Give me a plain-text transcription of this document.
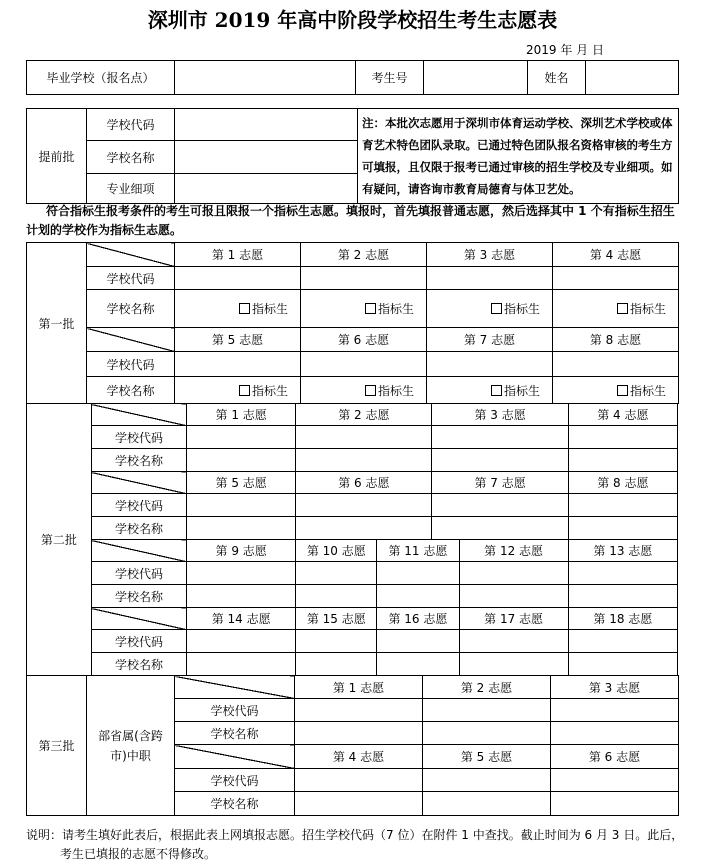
深圳市 2019 年高中阶段学校招生考生志愿表
2019 年 月 日
毕业学校（报名点）		考生号		姓名	
提前批	学校代码		注：本批次志愿用于深圳市体育运动学校、深圳艺术学校或体育艺术特色团队录取。已通过特色团队报名资格审核的考生方可填报，且仅限于报考已通过审核的招生学校及专业细项。如有疑问，请咨询市教育局德育与体卫艺处。
	学校名称		
	专业细项		
符合指标生报考条件的考生可报且限报一个指标生志愿。填报时，首先填报普通志愿，然后选择其中 1 个有指标生招生计划的学校作为指标生志愿。
第一批		第 1 志愿	第 2 志愿	第 3 志愿	第 4 志愿
	学校代码				
	学校名称	指标生	指标生	指标生	指标生

		第 5 志愿	第 6 志愿	第 7 志愿	第 8 志愿
	学校代码				
	学校名称	指标生	指标生	指标生	指标生
第二批		第 1 志愿	第 2 志愿		第 3 志愿		第 4 志愿
	学校代码						
	学校名称						
		第 5 志愿	第 6 志愿		第 7 志愿		第 8 志愿
	学校代码						
	学校名称						
		第 9 志愿	第 10 志愿	第 11 志愿		第 12 志愿	第 13 志愿
	学校代码						
	学校名称						
		第 14 志愿	第 15 志愿	第 16 志愿		第 17 志愿	第 18 志愿
	学校代码						
	学校名称						
第三批	部省属(含跨市)中职		第 1 志愿	第 2 志愿	第 3 志愿
		学校代码			
		学校名称			
			第 4 志愿	第 5 志愿	第 6 志愿
		学校代码			
		学校名称			
说明：请考生填好此表后，根据此表上网填报志愿。招生学校代码（7 位）在附件 1 中查找。截止时间为 6 月 3 日。此后，
考生已填报的志愿不得修改。
